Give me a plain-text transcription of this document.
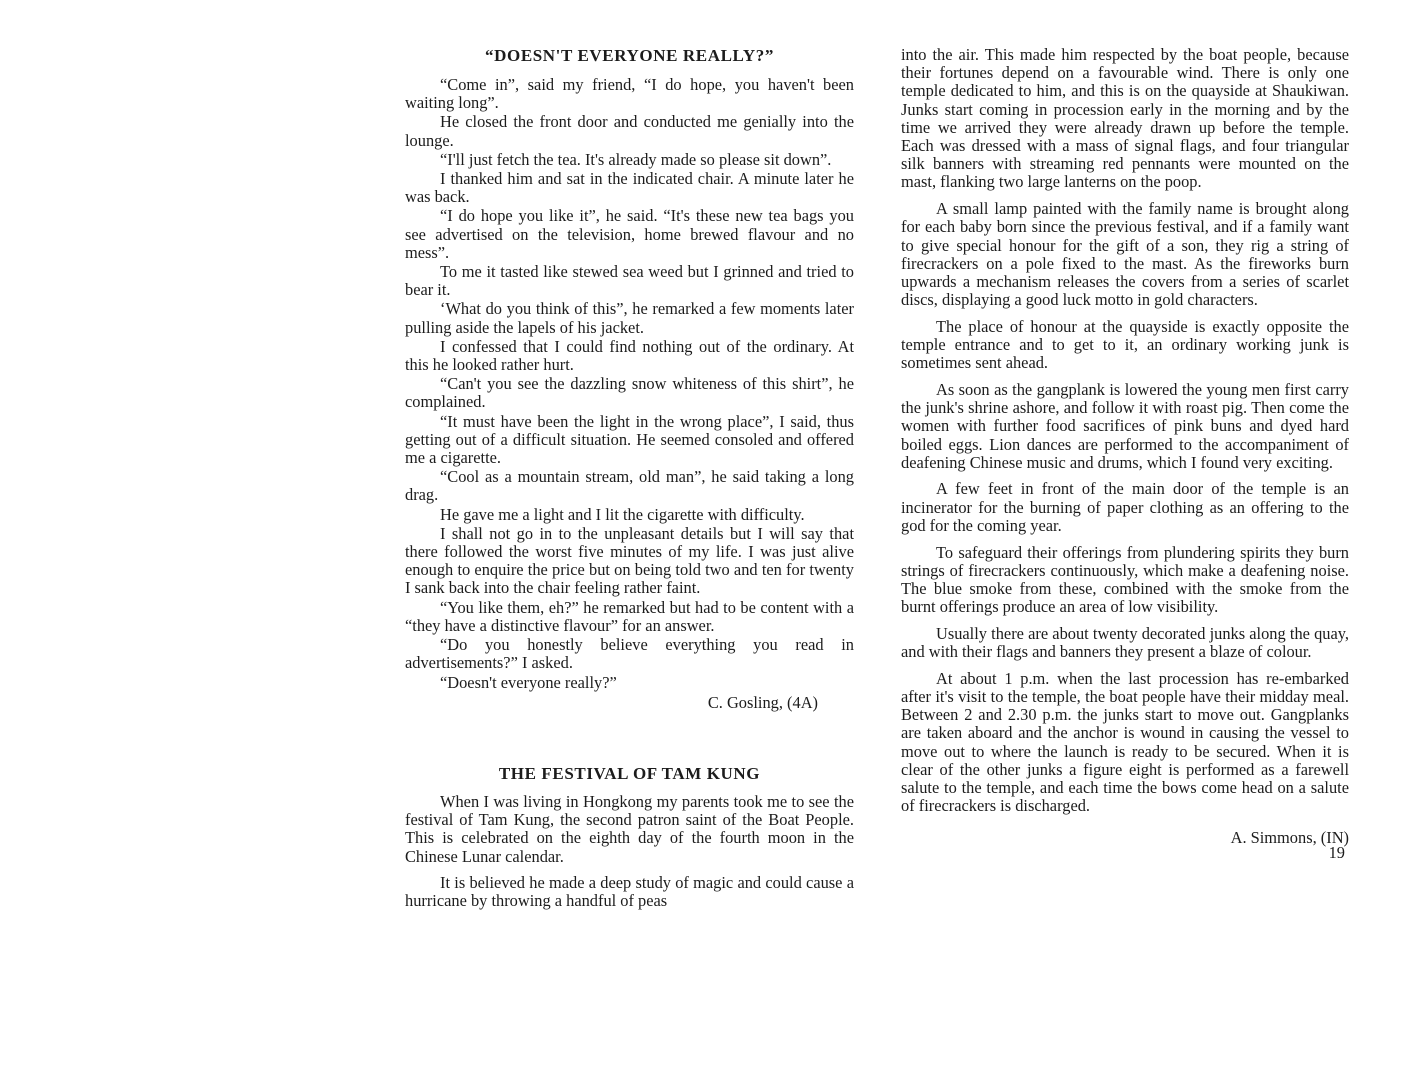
“DOESN'T EVERYONE REALLY?”

“Come in”, said my friend, “I do hope, you haven't been waiting long”.

He closed the front door and conducted me genially into the lounge.

“I'll just fetch the tea. It's already made so please sit down”.

I thanked him and sat in the indicated chair. A minute later he was back.

“I do hope you like it”, he said. “It's these new tea bags you see advertised on the television, home brewed flavour and no mess”.

To me it tasted like stewed sea weed but I grinned and tried to bear it.

‘What do you think of this”, he remarked a few moments later pulling aside the lapels of his jacket.

I confessed that I could find nothing out of the ordinary. At this he looked rather hurt.

“Can't you see the dazzling snow whiteness of this shirt”, he complained.

“It must have been the light in the wrong place”, I said, thus getting out of a difficult situation. He seemed consoled and offered me a cigarette.

“Cool as a mountain stream, old man”, he said taking a long drag.

He gave me a light and I lit the cigarette with difficulty.

I shall not go in to the unpleasant details but I will say that there followed the worst five minutes of my life. I was just alive enough to enquire the price but on being told two and ten for twenty I sank back into the chair feeling rather faint.

“You like them, eh?” he remarked but had to be content with a “they have a distinctive flavour” for an answer.

“Do you honestly believe everything you read in advertisements?” I asked.

“Doesn't everyone really?”

C. Gosling, (4A)
THE FESTIVAL OF TAM KUNG

When I was living in Hongkong my parents took me to see the festival of Tam Kung, the second patron saint of the Boat People. This is celebrated on the eighth day of the fourth moon in the Chinese Lunar calendar.

It is believed he made a deep study of magic and could cause a hurricane by throwing a handful of peas

into the air. This made him respected by the boat people, because their fortunes depend on a favourable wind. There is only one temple dedicated to him, and this is on the quayside at Shaukiwan. Junks start coming in procession early in the morning and by the time we arrived they were already drawn up before the temple. Each was dressed with a mass of signal flags, and four triangular silk banners with streaming red pennants were mounted on the mast, flanking two large lanterns on the poop.

A small lamp painted with the family name is brought along for each baby born since the previous festival, and if a family want to give special honour for the gift of a son, they rig a string of firecrackers on a pole fixed to the mast. As the fireworks burn upwards a mechanism releases the covers from a series of scarlet discs, displaying a good luck motto in gold characters.

The place of honour at the quayside is exactly opposite the temple entrance and to get to it, an ordinary working junk is sometimes sent ahead.

As soon as the gangplank is lowered the young men first carry the junk's shrine ashore, and follow it with roast pig. Then come the women with further food sacrifices of pink buns and dyed hard boiled eggs. Lion dances are performed to the accompaniment of deafening Chinese music and drums, which I found very exciting.

A few feet in front of the main door of the temple is an incinerator for the burning of paper clothing as an offering to the god for the coming year.

To safeguard their offerings from plundering spirits they burn strings of firecrackers continuously, which make a deafening noise. The blue smoke from these, combined with the smoke from the burnt offerings produce an area of low visibility.

Usually there are about twenty decorated junks along the quay, and with their flags and banners they present a blaze of colour.

At about 1 p.m. when the last procession has re-embarked after it's visit to the temple, the boat people have their midday meal. Between 2 and 2.30 p.m. the junks start to move out. Gangplanks are taken aboard and the anchor is wound in causing the vessel to move out to where the launch is ready to be secured. When it is clear of the other junks a figure eight is performed as a farewell salute to the temple, and each time the bows come head on a salute of firecrackers is discharged.

A. Simmons, (IN)
19
